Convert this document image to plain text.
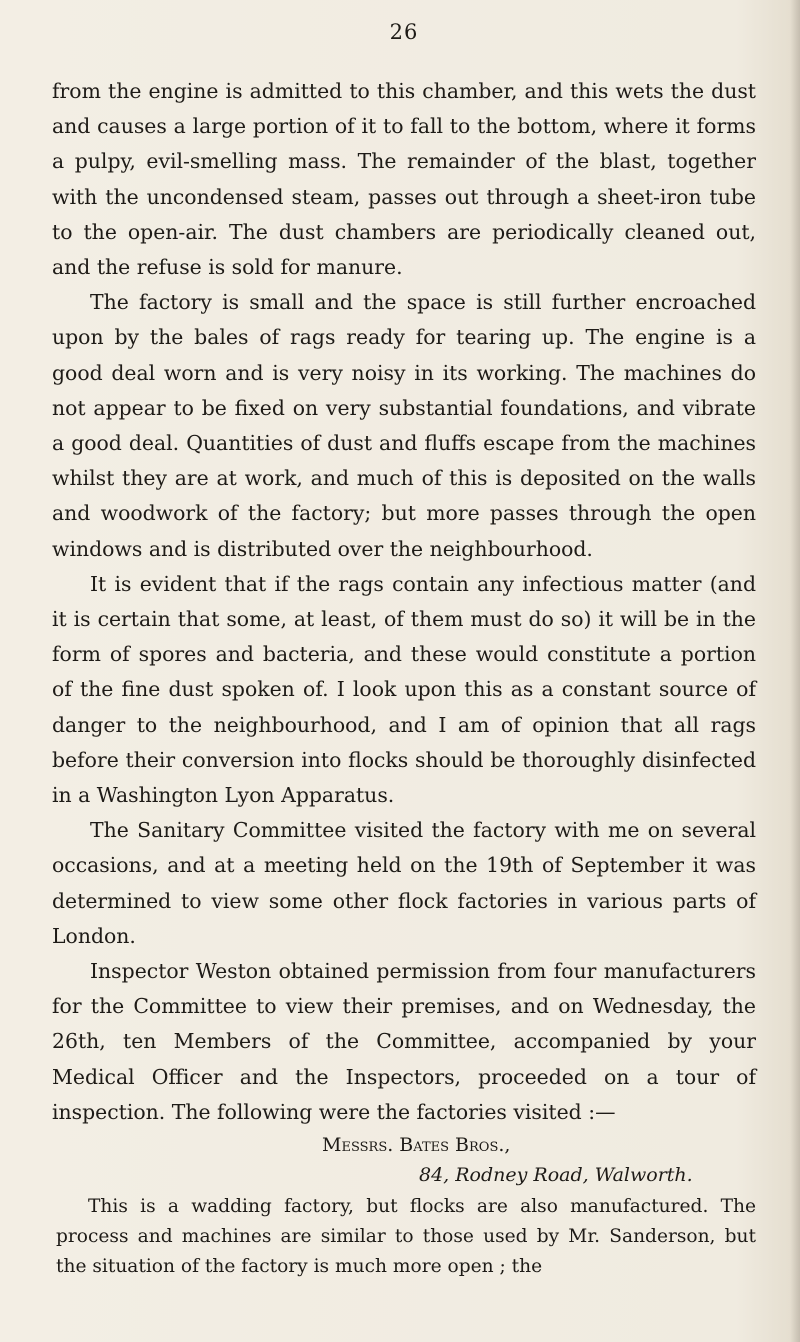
26

from the engine is admitted to this chamber, and this wets the dust and causes a large portion of it to fall to the bottom, where it forms a pulpy, evil-smelling mass. The remainder of the blast, together with the uncondensed steam, passes out through a sheet-iron tube to the open-air. The dust chambers are periodically cleaned out, and the refuse is sold for manure.

The factory is small and the space is still further encroached upon by the bales of rags ready for tearing up. The engine is a good deal worn and is very noisy in its working. The machines do not appear to be fixed on very substantial foundations, and vibrate a good deal. Quantities of dust and fluffs escape from the machines whilst they are at work, and much of this is deposited on the walls and woodwork of the factory; but more passes through the open windows and is distributed over the neighbourhood.

It is evident that if the rags contain any infectious matter (and it is certain that some, at least, of them must do so) it will be in the form of spores and bacteria, and these would constitute a portion of the fine dust spoken of. I look upon this as a constant source of danger to the neighbourhood, and I am of opinion that all rags before their conversion into flocks should be thoroughly disinfected in a Washington Lyon Apparatus.

The Sanitary Committee visited the factory with me on several occasions, and at a meeting held on the 19th of September it was determined to view some other flock factories in various parts of London.

Inspector Weston obtained permission from four manufacturers for the Committee to view their premises, and on Wednesday, the 26th, ten Members of the Committee, accompanied by your Medical Officer and the Inspectors, proceeded on a tour of inspection. The following were the factories visited :—

Messrs. Bates Bros.,
84, Rodney Road, Walworth.

This is a wadding factory, but flocks are also manufactured. The process and machines are similar to those used by Mr. Sanderson, but the situation of the factory is much more open ; the
